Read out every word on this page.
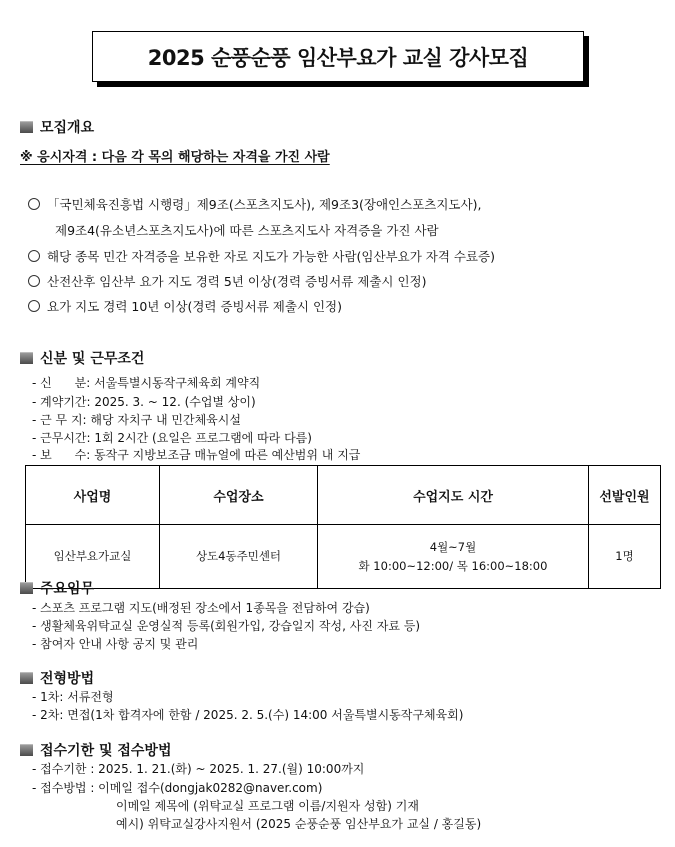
2025 순풍순풍 임산부요가 교실 강사모집
모집개요
※ 응시자격 : 다음 각 목의 해당하는 자격을 가진 사람
「국민체육진흥법 시행령」제9조(스포츠지도사), 제9조3(장애인스포츠지도사),
제9조4(유소년스포츠지도사)에 따른 스포츠지도사 자격증을 가진 사람
해당 종목 민간 자격증을 보유한 자로 지도가 가능한 사람(임산부요가 자격 수료증)
산전산후 임산부 요가 지도 경력 5년 이상(경력 증빙서류 제출시 인정)
요가 지도 경력 10년 이상(경력 증빙서류 제출시 인정)
신분 및 근무조건
- 신      분: 서울특별시동작구체육회 계약직
- 계약기간: 2025. 3. ~ 12. (수업별 상이)
- 근 무 지: 해당 자치구 내 민간체육시설
- 근무시간: 1회 2시간 (요일은 프로그램에 따라 다름)
- 보      수: 동작구 지방보조금 매뉴얼에 따른 예산범위 내 지급
사업명	수업장소	수업지도 시간	선발인원
임산부요가교실	상도4동주민센터	4월~7월
화 10:00~12:00/ 목 16:00~18:00	1명
주요임무
- 스포츠 프로그램 지도(배정된 장소에서 1종목을 전담하여 강습)
- 생활체육위탁교실 운영실적 등록(회원가입, 강습일지 작성, 사진 자료 등)
- 참여자 안내 사항 공지 및 관리
전형방법
- 1차: 서류전형
- 2차: 면접(1차 합격자에 한함 / 2025. 2. 5.(수) 14:00 서울특별시동작구체육회)
접수기한 및 접수방법
- 접수기한 : 2025. 1. 21.(화) ~ 2025. 1. 27.(월) 10:00까지
- 접수방법 : 이메일 접수(dongjak0282@naver.com)
이메일 제목에 (위탁교실 프로그램 이름/지원자 성함) 기재
예시) 위탁교실강사지원서 (2025 순풍순풍 임산부요가 교실 / 홍길동)
